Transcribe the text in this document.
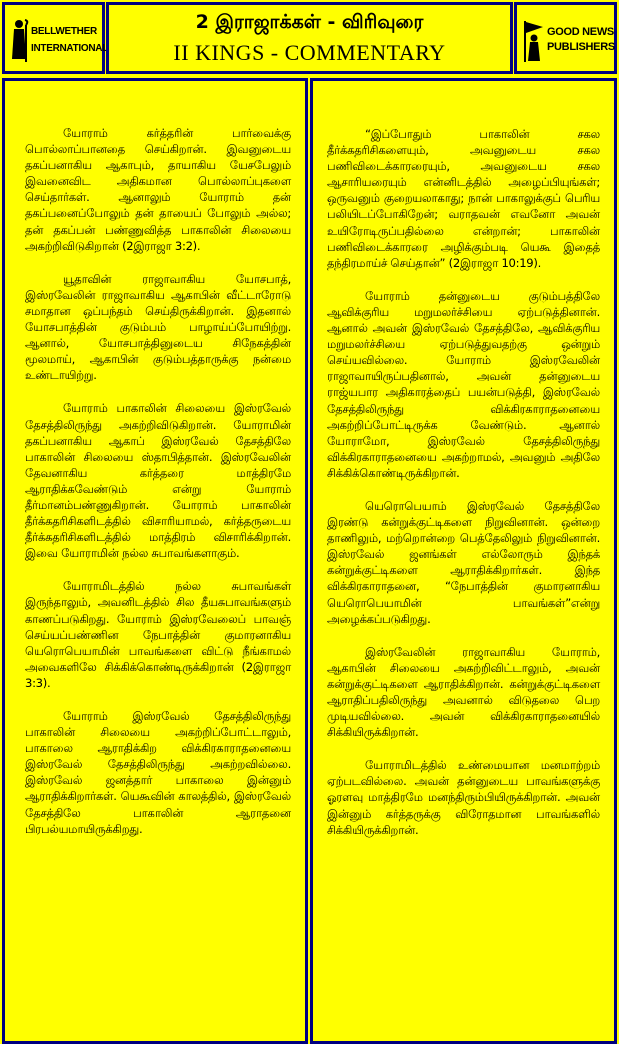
BELLWETHER
INTERNATIONAL
2 இராஜாக்கள் - விரிவுரை
II KINGS - COMMENTARY
GOOD NEWS
PUBLISHERS

யோராம் கர்த்தரின் பார்வைக்கு பொல்லாப்பானதை செய்கிறான். இவனுடைய தகப்பனாகிய ஆகாபும், தாயாகிய யேசபேலும் இவனைவிட அதிகமான பொல்லாப்புகளை செய்தார்கள். ஆனாலும் யோராம் தன் தகப்பனைப்போலும் தன் தாயைப் போலும் அல்ல; தன் தகப்பன் பண்ணுவித்த பாகாலின் சிலையை அகற்றிவிடுகிறான் (2இராஜா 3:2).

யூதாவின் ராஜாவாகிய யோசபாத், இஸ்ரவேலின் ராஜாவாகிய ஆகாபின் வீட்டாரோடு சமாதான ஒப்பந்தம் செய்திருக்கிறான். இதனால் யோசபாத்தின் குடும்பம் பாழாய்ப்போயிற்று. ஆனால், யோசபாத்தினுடைய சிநேகத்தின் மூலமாய், ஆகாபின் குடும்பத்தாருக்கு நன்மை உண்டாயிற்று.

யோராம் பாகாலின் சிலையை இஸ்ரவேல் தேசத்திலிருந்து அகற்றிவிடுகிறான். யோராமின் தகப்பனாகிய ஆகாப் இஸ்ரவேல் தேசத்திலே பாகாலின் சிலையை ஸ்தாபித்தான். இஸ்ரவேலின் தேவனாகிய கர்த்தரை மாத்திரமே ஆராதிக்கவேண்டும் என்று யோராம் தீர்மானம்பண்ணுகிறான். யோராம் பாகாலின் தீர்க்கதரிசிகளிடத்தில் விசாரியாமல், கர்த்தருடைய தீர்க்கதரிசிகளிடத்தில் மாத்திரம் விசாரிக்கிறான். இவை யோராமின் நல்ல சுபாவங்களாகும்.

யோராமிடத்தில் நல்ல சுபாவங்கள் இருந்தாலும், அவனிடத்தில் சில தீயசுபாவங்களும் காணப்படுகிறது. யோராம் இஸ்ரவேலைப் பாவஞ் செய்யப்பண்ணின நேபாத்தின் குமாரனாகிய யெரொபெயாமின் பாவங்களை விட்டு நீங்காமல் அவைகளிலே சிக்கிக்கொண்டிருக்கிறான் (2இராஜா 3:3).

யோராம் இஸ்ரவேல் தேசத்திலிருந்து பாகாலின் சிலையை அகற்றிப்போட்டாலும், பாகாலை ஆராதிக்கிற விக்கிரகாராதனையை இஸ்ரவேல் தேசத்திலிருந்து அகற்றவில்லை. இஸ்ரவேல் ஜனத்தார் பாகாலை இன்னும் ஆராதிக்கிறார்கள். யெகூவின் காலத்தில், இஸ்ரவேல் தேசத்திலே பாகாலின் ஆராதனை பிரபல்யமாயிருக்கிறது.

“இப்போதும் பாகாலின் சகல தீர்க்கதரிசிகளையும், அவனுடைய சகல பணிவிடைக்காரரையும், அவனுடைய சகல ஆசாரியரையும் என்னிடத்தில் அழைப்பியுங்கள்; ஒருவனும் குறையலாகாது; நான் பாகாலுக்குப் பெரிய பலியிடப்போகிறேன்; வராதவன் எவனோ அவன் உயிரோடிருப்பதில்லை என்றான்; பாகாலின் பணிவிடைக்காரரை அழிக்கும்படி யெகூ இதைத் தந்திரமாய்ச் செய்தான்” (2இராஜா 10:19).

யோராம் தன்னுடைய குடும்பத்திலே ஆவிக்குரிய மறுமலர்ச்சியை ஏற்படுத்தினான். ஆனால் அவன் இஸ்ரவேல் தேசத்திலே, ஆவிக்குரிய மறுமலர்ச்சியை ஏற்படுத்துவதற்கு ஒன்றும் செய்யவில்லை. யோராம் இஸ்ரவேலின் ராஜாவாயிருப்பதினால், அவன் தன்னுடைய ராஜ்யபார அதிகாரத்தைப் பயன்படுத்தி, இஸ்ரவேல் தேசத்திலிருந்து விக்கிரகாராதனையை அகற்றிப்போட்டிருக்க வேண்டும். ஆனால் யோராமோ, இஸ்ரவேல் தேசத்திலிருந்து விக்கிரகாராதனையை அகற்றாமல், அவனும் அதிலே சிக்கிக்கொண்டிருக்கிறான்.

யெரொபெயாம் இஸ்ரவேல் தேசத்திலே இரண்டு கன்றுக்குட்டிகளை நிறுவினான். ஒன்றை தாணிலும், மற்றொன்றை பெத்தேலிலும் நிறுவினான். இஸ்ரவேல் ஜனங்கள் எல்லோரும் இந்தக் கன்றுக்குட்டிகளை ஆராதிக்கிறார்கள். இந்த விக்கிரகாராதனை, “நேபாத்தின் குமாரனாகிய யெரொபெயாமின் பாவங்கள்”என்று அழைக்கப்படுகிறது.

இஸ்ரவேலின் ராஜாவாகிய யோராம், ஆகாபின் சிலையை அகற்றிவிட்டாலும், அவன் கன்றுக்குட்டிகளை ஆராதிக்கிறான். கன்றுக்குட்டிகளை ஆராதிப்பதிலிருந்து அவனால் விடுதலை பெற முடியவில்லை. அவன் விக்கிரகாராதனையில் சிக்கியிருக்கிறான்.

யோராமிடத்தில் உண்மையான மனமாற்றம் ஏற்படவில்லை. அவன் தன்னுடைய பாவங்களுக்கு ஓரளவு மாத்திரமே மனந்திரும்பியிருக்கிறான். அவன் இன்னும் கர்த்தருக்கு விரோதமான பாவங்களில் சிக்கியிருக்கிறான்.
